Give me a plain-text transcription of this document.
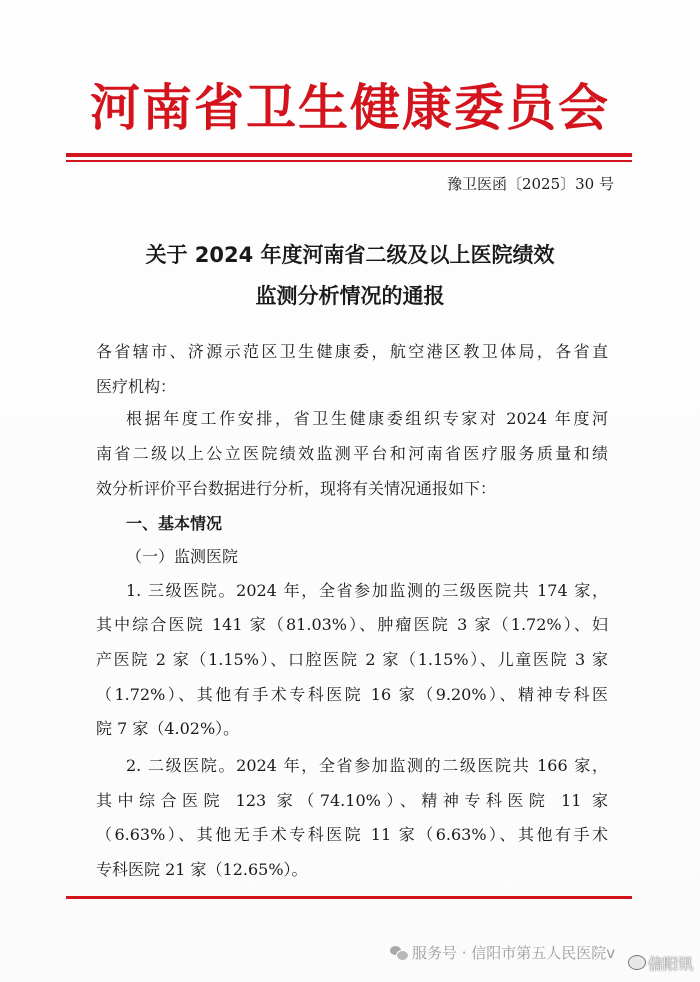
河南省卫生健康委员会
豫卫医函〔2025〕30 号
关于 2024 年度河南省二级及以上医院绩效
监测分析情况的通报
各省辖市、济源示范区卫生健康委，航空港区教卫体局，各省直
医疗机构：
根据年度工作安排，省卫生健康委组织专家对 2024 年度河
南省二级以上公立医院绩效监测平台和河南省医疗服务质量和绩
效分析评价平台数据进行分析，现将有关情况通报如下：
一、基本情况
（一）监测医院
1. 三级医院。2024 年，全省参加监测的三级医院共 174 家，
其中综合医院 141 家（81.03%）、肿瘤医院 3 家（1.72%）、妇
产医院 2 家（1.15%）、口腔医院 2 家（1.15%）、儿童医院 3 家
（1.72%）、其他有手术专科医院 16 家（9.20%）、精神专科医
院 7 家（4.02%）。
2. 二级医院。2024 年，全省参加监测的二级医院共 166 家，
其中综合医院 123 家（74.10%）、精神专科医院 11 家
（6.63%）、其他无手术专科医院 11 家（6.63%）、其他有手术
专科医院 21 家（12.65%）。
服务号 · 信阳市第五人民医院v
信阳讯
